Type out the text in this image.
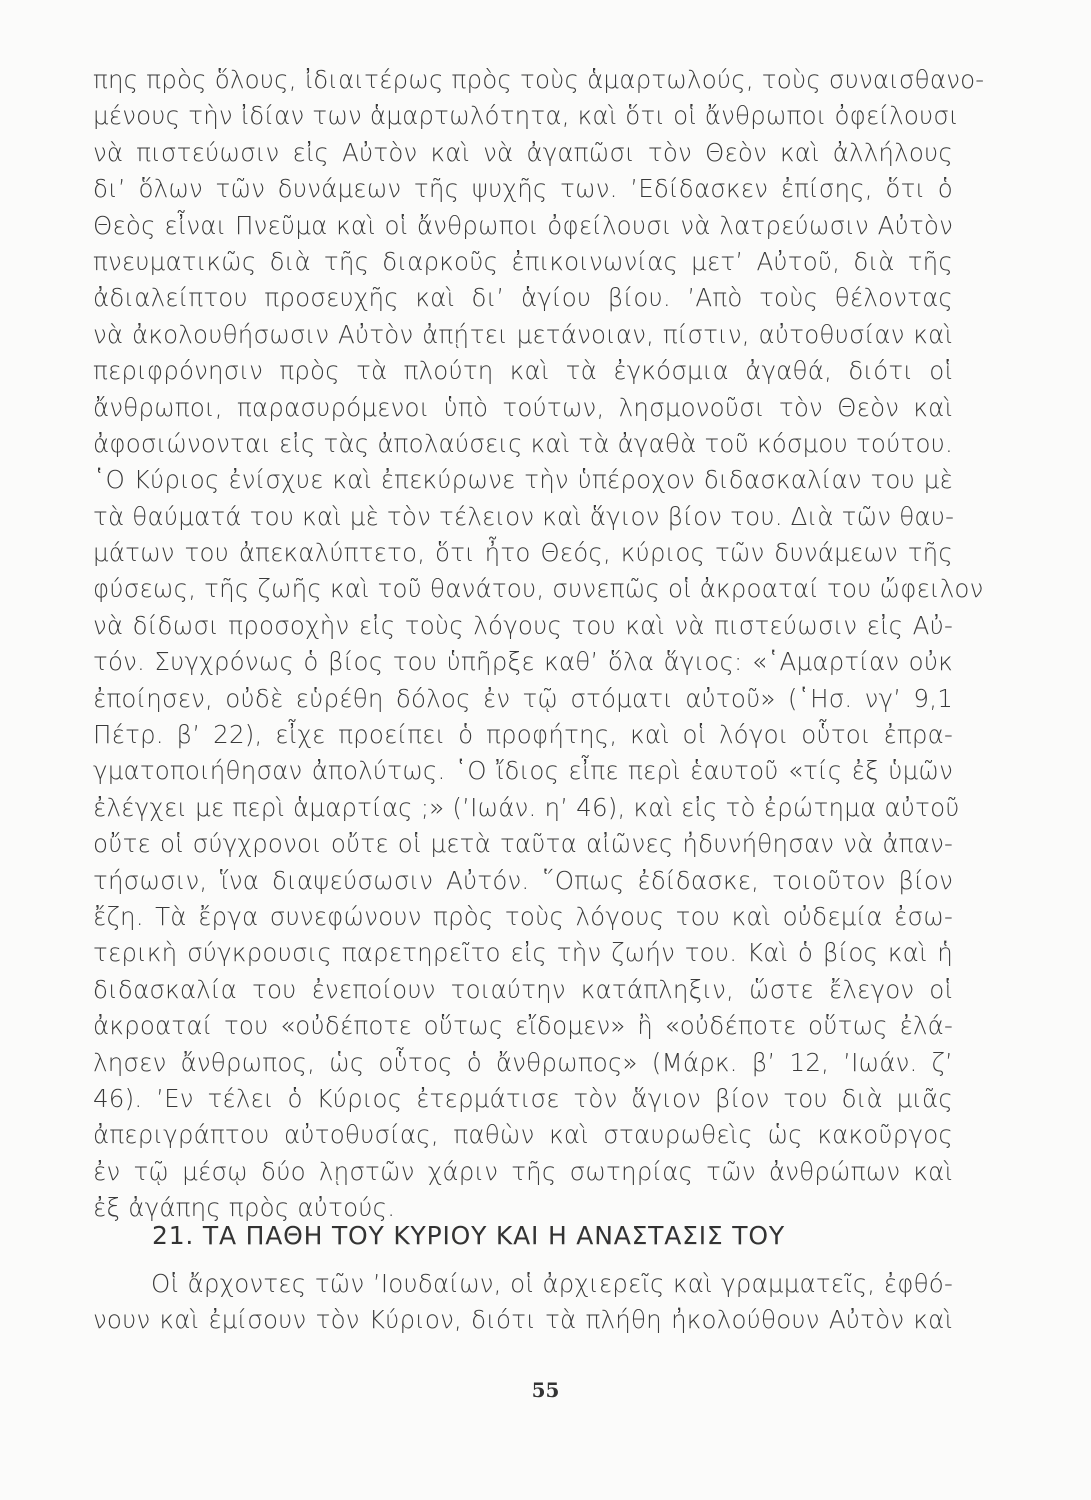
πης πρὸς ὅλους, ἰδιαιτέρως πρὸς τοὺς ἁμαρτωλούς, τοὺς συναισθανο-
μένους τὴν ἰδίαν των ἁμαρτωλότητα, καὶ ὅτι οἱ ἄνθρωποι ὀφείλουσι
νὰ πιστεύωσιν εἰς Αὐτὸν καὶ νὰ ἀγαπῶσι τὸν Θεὸν καὶ ἀλλήλους
δι’ ὅλων τῶν δυνάμεων τῆς ψυχῆς των. ’Εδίδασκεν ἐπίσης, ὅτι ὁ
Θεὸς εἶναι Πνεῦμα καὶ οἱ ἄνθρωποι ὀφείλουσι νὰ λατρεύωσιν Αὐτὸν
πνευματικῶς διὰ τῆς διαρκοῦς ἐπικοινωνίας μετ’ Αὐτοῦ, διὰ τῆς
ἀδιαλείπτου προσευχῆς καὶ δι’ ἁγίου βίου. ’Απὸ τοὺς θέλοντας
νὰ ἀκολουθήσωσιν Αὐτὸν ἀπῄτει μετάνοιαν, πίστιν, αὐτοθυσίαν καὶ
περιφρόνησιν πρὸς τὰ πλούτη καὶ τὰ ἐγκόσμια ἀγαθά, διότι οἱ
ἄνθρωποι, παρασυρόμενοι ὑπὸ τούτων, λησμονοῦσι τὸν Θεὸν καὶ
ἀφοσιώνονται εἰς τὰς ἀπολαύσεις καὶ τὰ ἀγαθὰ τοῦ κόσμου τούτου.
῾Ο Κύριος ἐνίσχυε καὶ ἐπεκύρωνε τὴν ὑπέροχον διδασκαλίαν του μὲ
τὰ θαύματά του καὶ μὲ τὸν τέλειον καὶ ἅγιον βίον του. Διὰ τῶν θαυ-
μάτων του ἀπεκαλύπτετο, ὅτι ἦτο Θεός, κύριος τῶν δυνάμεων τῆς
φύσεως, τῆς ζωῆς καὶ τοῦ θανάτου, συνεπῶς οἱ ἀκροαταί του ὤφειλον
νὰ δίδωσι προσοχὴν εἰς τοὺς λόγους του καὶ νὰ πιστεύωσιν εἰς Αὐ-
τόν. Συγχρόνως ὁ βίος του ὑπῆρξε καθ’ ὅλα ἅγιος: «῾Αμαρτίαν οὐκ
ἐποίησεν, οὐδὲ εὑρέθη δόλος ἐν τῷ στόματι αὐτοῦ» (῾Ησ. νγ’ 9,1
Πέτρ. β’ 22), εἶχε προείπει ὁ προφήτης, καὶ οἱ λόγοι οὗτοι ἐπρα-
γματοποιήθησαν ἀπολύτως. ῾Ο ἴδιος εἶπε περὶ ἑαυτοῦ «τίς ἐξ ὑμῶν
ἐλέγχει με περὶ ἁμαρτίας ;» (’Ιωάν. η’ 46), καὶ εἰς τὸ ἐρώτημα αὐτοῦ
οὔτε οἱ σύγχρονοι οὔτε οἱ μετὰ ταῦτα αἰῶνες ἠδυνήθησαν νὰ ἀπαν-
τήσωσιν, ἵνα διαψεύσωσιν Αὐτόν. ῞Οπως ἐδίδασκε, τοιοῦτον βίον
ἔζη. Τὰ ἔργα συνεφώνουν πρὸς τοὺς λόγους του καὶ οὐδεμία ἐσω-
τερικὴ σύγκρουσις παρετηρεῖτο εἰς τὴν ζωήν του. Καὶ ὁ βίος καὶ ἡ
διδασκαλία του ἐνεποίουν τοιαύτην κατάπληξιν, ὥστε ἔλεγον οἱ
ἀκροαταί του «οὐδέποτε οὕτως εἴδομεν» ἢ «οὐδέποτε οὕτως ἐλά-
λησεν ἄνθρωπος, ὡς οὗτος ὁ ἄνθρωπος» (Μάρκ. β’ 12, ’Ιωάν. ζ’
46). ’Εν τέλει ὁ Κύριος ἐτερμάτισε τὸν ἅγιον βίον του διὰ μιᾶς
ἀπεριγράπτου αὐτοθυσίας, παθὼν καὶ σταυρωθεὶς ὡς κακοῦργος
ἐν τῷ μέσῳ δύο λῃστῶν χάριν τῆς σωτηρίας τῶν ἀνθρώπων καὶ
ἐξ ἀγάπης πρὸς αὐτούς.
21. ΤΑ ΠΑΘΗ ΤΟΥ ΚΥΡΙΟΥ ΚΑΙ Η ΑΝΑΣΤΑΣΙΣ ΤΟΥ
Οἱ ἄρχοντες τῶν ’Ιουδαίων, οἱ ἀρχιερεῖς καὶ γραμματεῖς, ἐφθό-
νουν καὶ ἐμίσουν τὸν Κύριον, διότι τὰ πλήθη ἠκολούθουν Αὐτὸν καὶ
55
